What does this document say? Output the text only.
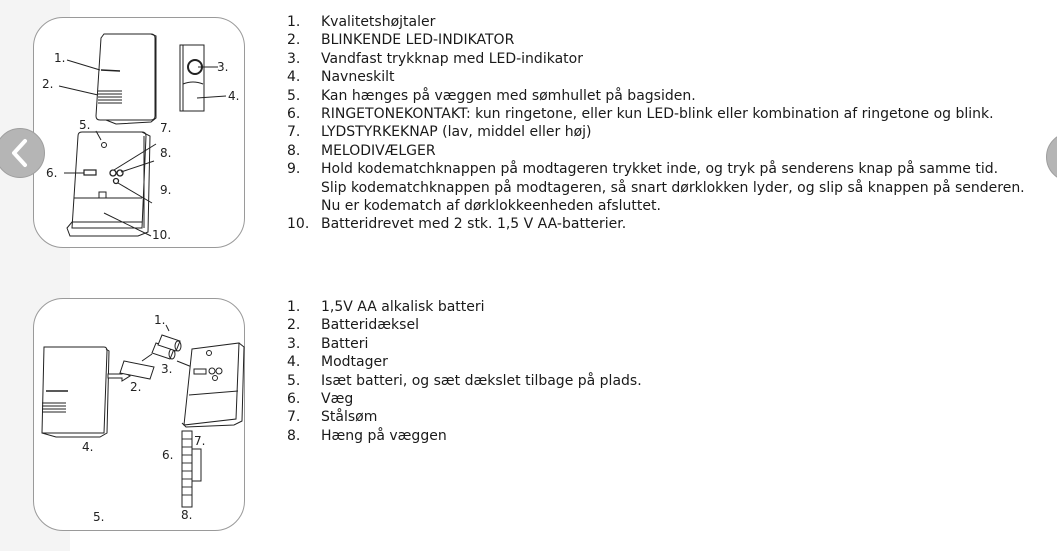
1.
2.
3.
4.
5.
6.
7.
8.
9.
10.
4.
2.
1.
3.
6.
7.
8.
5.
1.	Kvalitetshøjtaler
2.	BLINKENDE LED-INDIKATOR
3.	Vandfast trykknap med LED-indikator
4.	Navneskilt
5.	Kan hænges på væggen med sømhullet på bagsiden.
6.	RINGETONEKONTAKT: kun ringetone, eller kun LED-blink eller kombination af ringetone og blink.
7.	LYDSTYRKEKNAP (lav, middel eller høj)
8.	MELODIVÆLGER
9.	Hold kodematchknappen på modtageren trykket inde, og tryk på senderens knap på samme tid.
Slip kodematchknappen på modtageren, så snart dørklokken lyder, og slip så knappen på senderen.
Nu er kodematch af dørklokkeenheden afsluttet.
10. Batteridrevet med 2 stk. 1,5 V AA-batterier.
1.	1,5V AA alkalisk batteri
2.	Batteridæksel
3.	Batteri
4.	Modtager
5.	Isæt batteri, og sæt dækslet tilbage på plads.
6.	Væg
7.	Stålsøm
8.	Hæng på væggen
